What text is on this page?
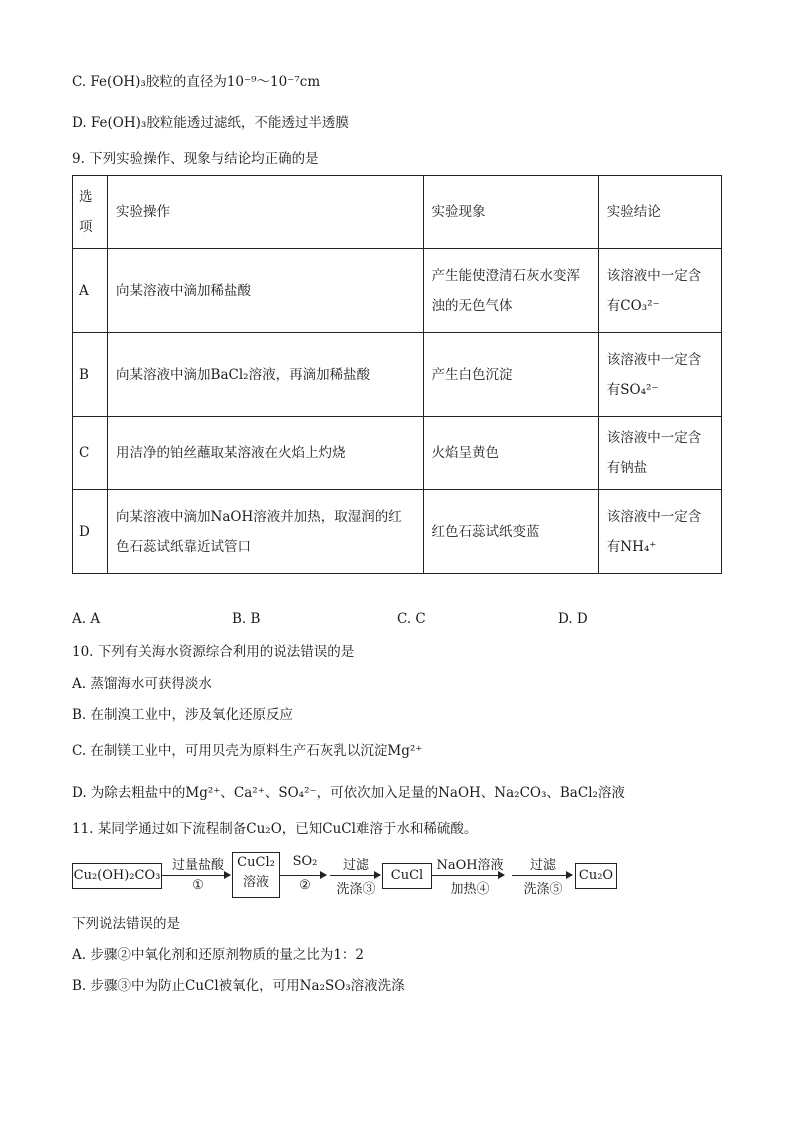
C. Fe(OH)₃胶粒的直径为10⁻⁹～10⁻⁷cm
D. Fe(OH)₃胶粒能透过滤纸，不能透过半透膜
9. 下列实验操作、现象与结论均正确的是
选项	实验操作	实验现象	实验结论
A	向某溶液中滴加稀盐酸	产生能使澄清石灰水变浑浊的无色气体	该溶液中一定含有CO₃²⁻
B	向某溶液中滴加BaCl₂溶液，再滴加稀盐酸	产生白色沉淀	该溶液中一定含有SO₄²⁻
C	用洁净的铂丝蘸取某溶液在火焰上灼烧	火焰呈黄色	该溶液中一定含有钠盐
D	向某溶液中滴加NaOH溶液并加热，取湿润的红色石蕊试纸靠近试管口	红色石蕊试纸变蓝	该溶液中一定含有NH₄⁺
A. A	B. B	C. C	D. D
10. 下列有关海水资源综合利用的说法错误的是
A. 蒸馏海水可获得淡水
B. 在制溴工业中，涉及氧化还原反应
C. 在制镁工业中，可用贝壳为原料生产石灰乳以沉淀Mg²⁺
D. 为除去粗盐中的Mg²⁺、Ca²⁺、SO₄²⁻，可依次加入足量的NaOH、Na₂CO₃、BaCl₂溶液
11. 某同学通过如下流程制备Cu₂O，已知CuCl难溶于水和稀硫酸。
Cu₂(OH)₂CO₃
过量盐酸
①
CuCl₂
溶液
SO₂
②
过滤
洗涤③
CuCl
NaOH溶液
加热④
过滤
洗涤⑤
Cu₂O
下列说法错误的是
A. 步骤②中氧化剂和还原剂物质的量之比为1：2
B. 步骤③中为防止CuCl被氧化，可用Na₂SO₃溶液洗涤
